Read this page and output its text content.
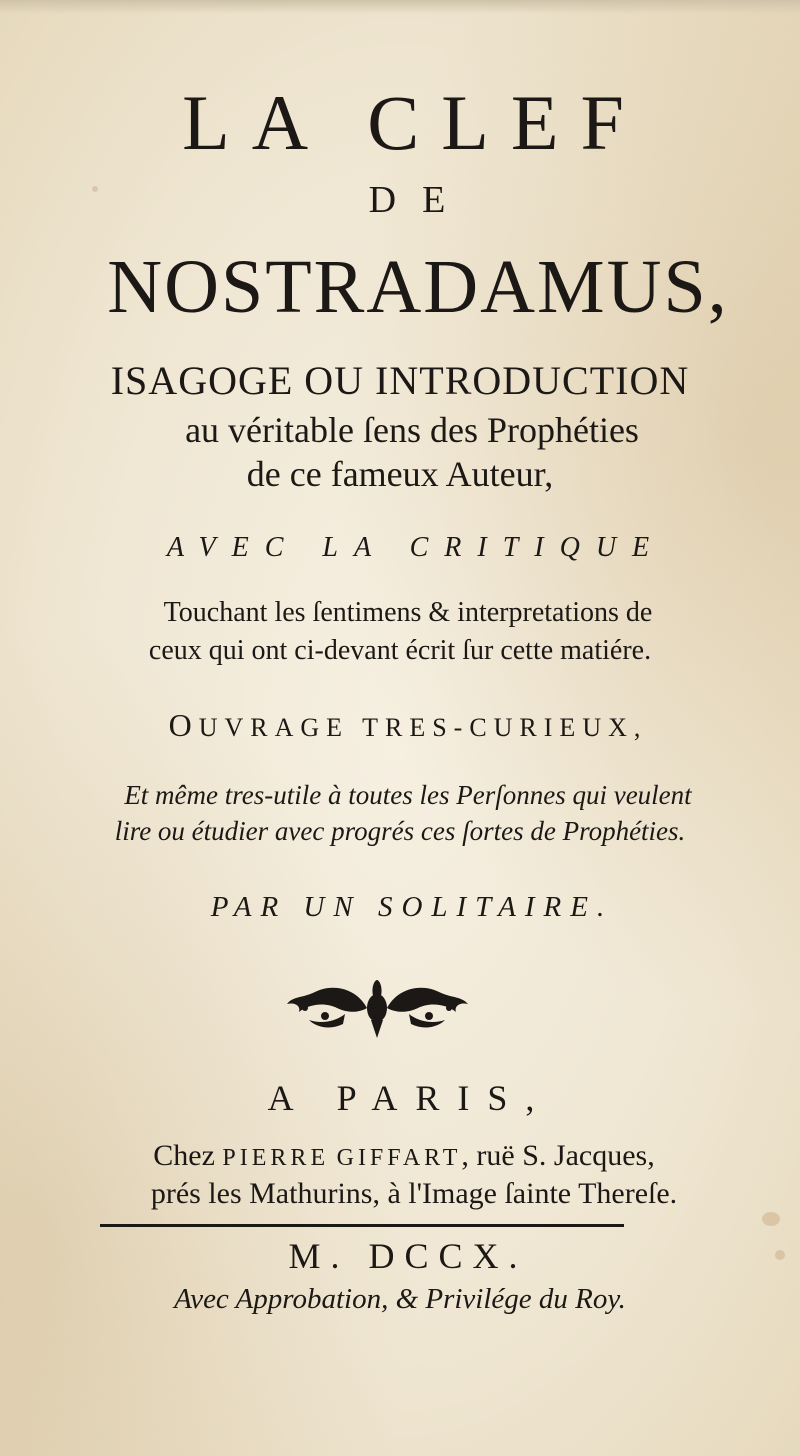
LA CLEF

DE

NOSTRADAMUS,

ISAGOGE OU INTRODUCTION

au véritable ſens des Prophéties

de ce fameux Auteur,

AVEC LA CRITIQUE

Touchant les ſentimens & interpretations de

ceux qui ont ci-devant écrit ſur cette matiére.

OUVRAGE TRES-CURIEUX,

Et même tres-utile à toutes les Perſonnes qui veulent

lire ou étudier avec progrés ces ſortes de Prophéties.

PAR UN SOLITAIRE.

A PARIS,

Chez PIERRE GIFFART, ruë S. Jacques,

prés les Mathurins, à l'Image ſainte Thereſe.

M. DCCX.

Avec Approbation, & Privilége du Roy.
